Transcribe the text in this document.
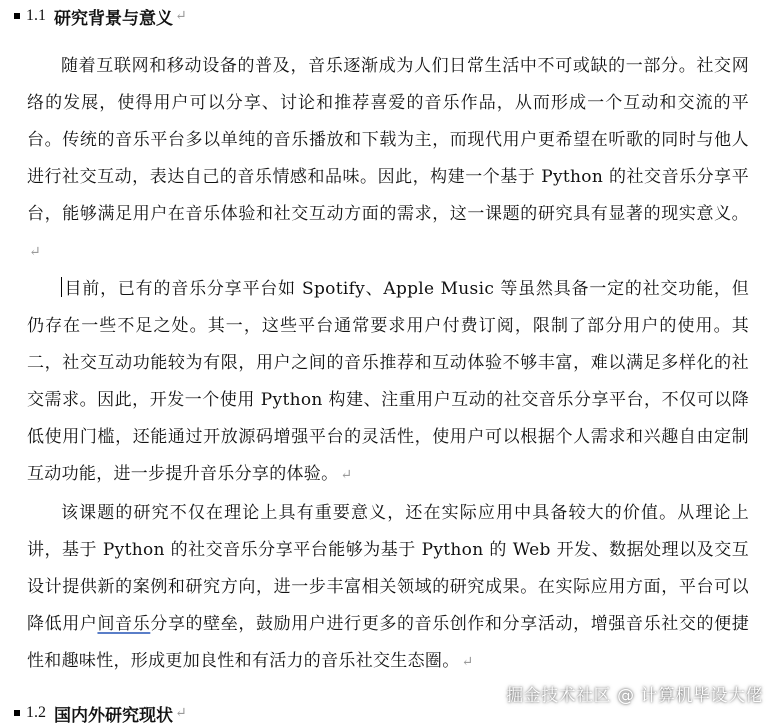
1.1 研究背景与意义 ↵

随着互联网和移动设备的普及，音乐逐渐成为人们日常生活中不可或缺的一部分。社交网络的发展，使得用户可以分享、讨论和推荐喜爱的音乐作品，从而形成一个互动和交流的平台。传统的音乐平台多以单纯的音乐播放和下载为主，而现代用户更希望在听歌的同时与他人进行社交互动，表达自己的音乐情感和品味。因此，构建一个基于 Python 的社交音乐分享平台，能够满足用户在音乐体验和社交互动方面的需求，这一课题的研究具有显著的现实意义。↵

目前，已有的音乐分享平台如 Spotify、Apple Music 等虽然具备一定的社交功能，但仍存在一些不足之处。其一，这些平台通常要求用户付费订阅，限制了部分用户的使用。其二，社交互动功能较为有限，用户之间的音乐推荐和互动体验不够丰富，难以满足多样化的社交需求。因此，开发一个使用 Python 构建、注重用户互动的社交音乐分享平台，不仅可以降低使用门槛，还能通过开放源码增强平台的灵活性，使用户可以根据个人需求和兴趣自由定制互动功能，进一步提升音乐分享的体验。 ↵

该课题的研究不仅在理论上具有重要意义，还在实际应用中具备较大的价值。从理论上讲，基于 Python 的社交音乐分享平台能够为基于 Python 的 Web 开发、数据处理以及交互设计提供新的案例和研究方向，进一步丰富相关领域的研究成果。在实际应用方面，平台可以降低用户间音乐分享的壁垒，鼓励用户进行更多的音乐创作和分享活动，增强音乐社交的便捷性和趣味性，形成更加良性和有活力的音乐社交生态圈。 ↵

1.2 国内外研究现状 ↵
掘金技术社区 @ 计算机毕设大佬
